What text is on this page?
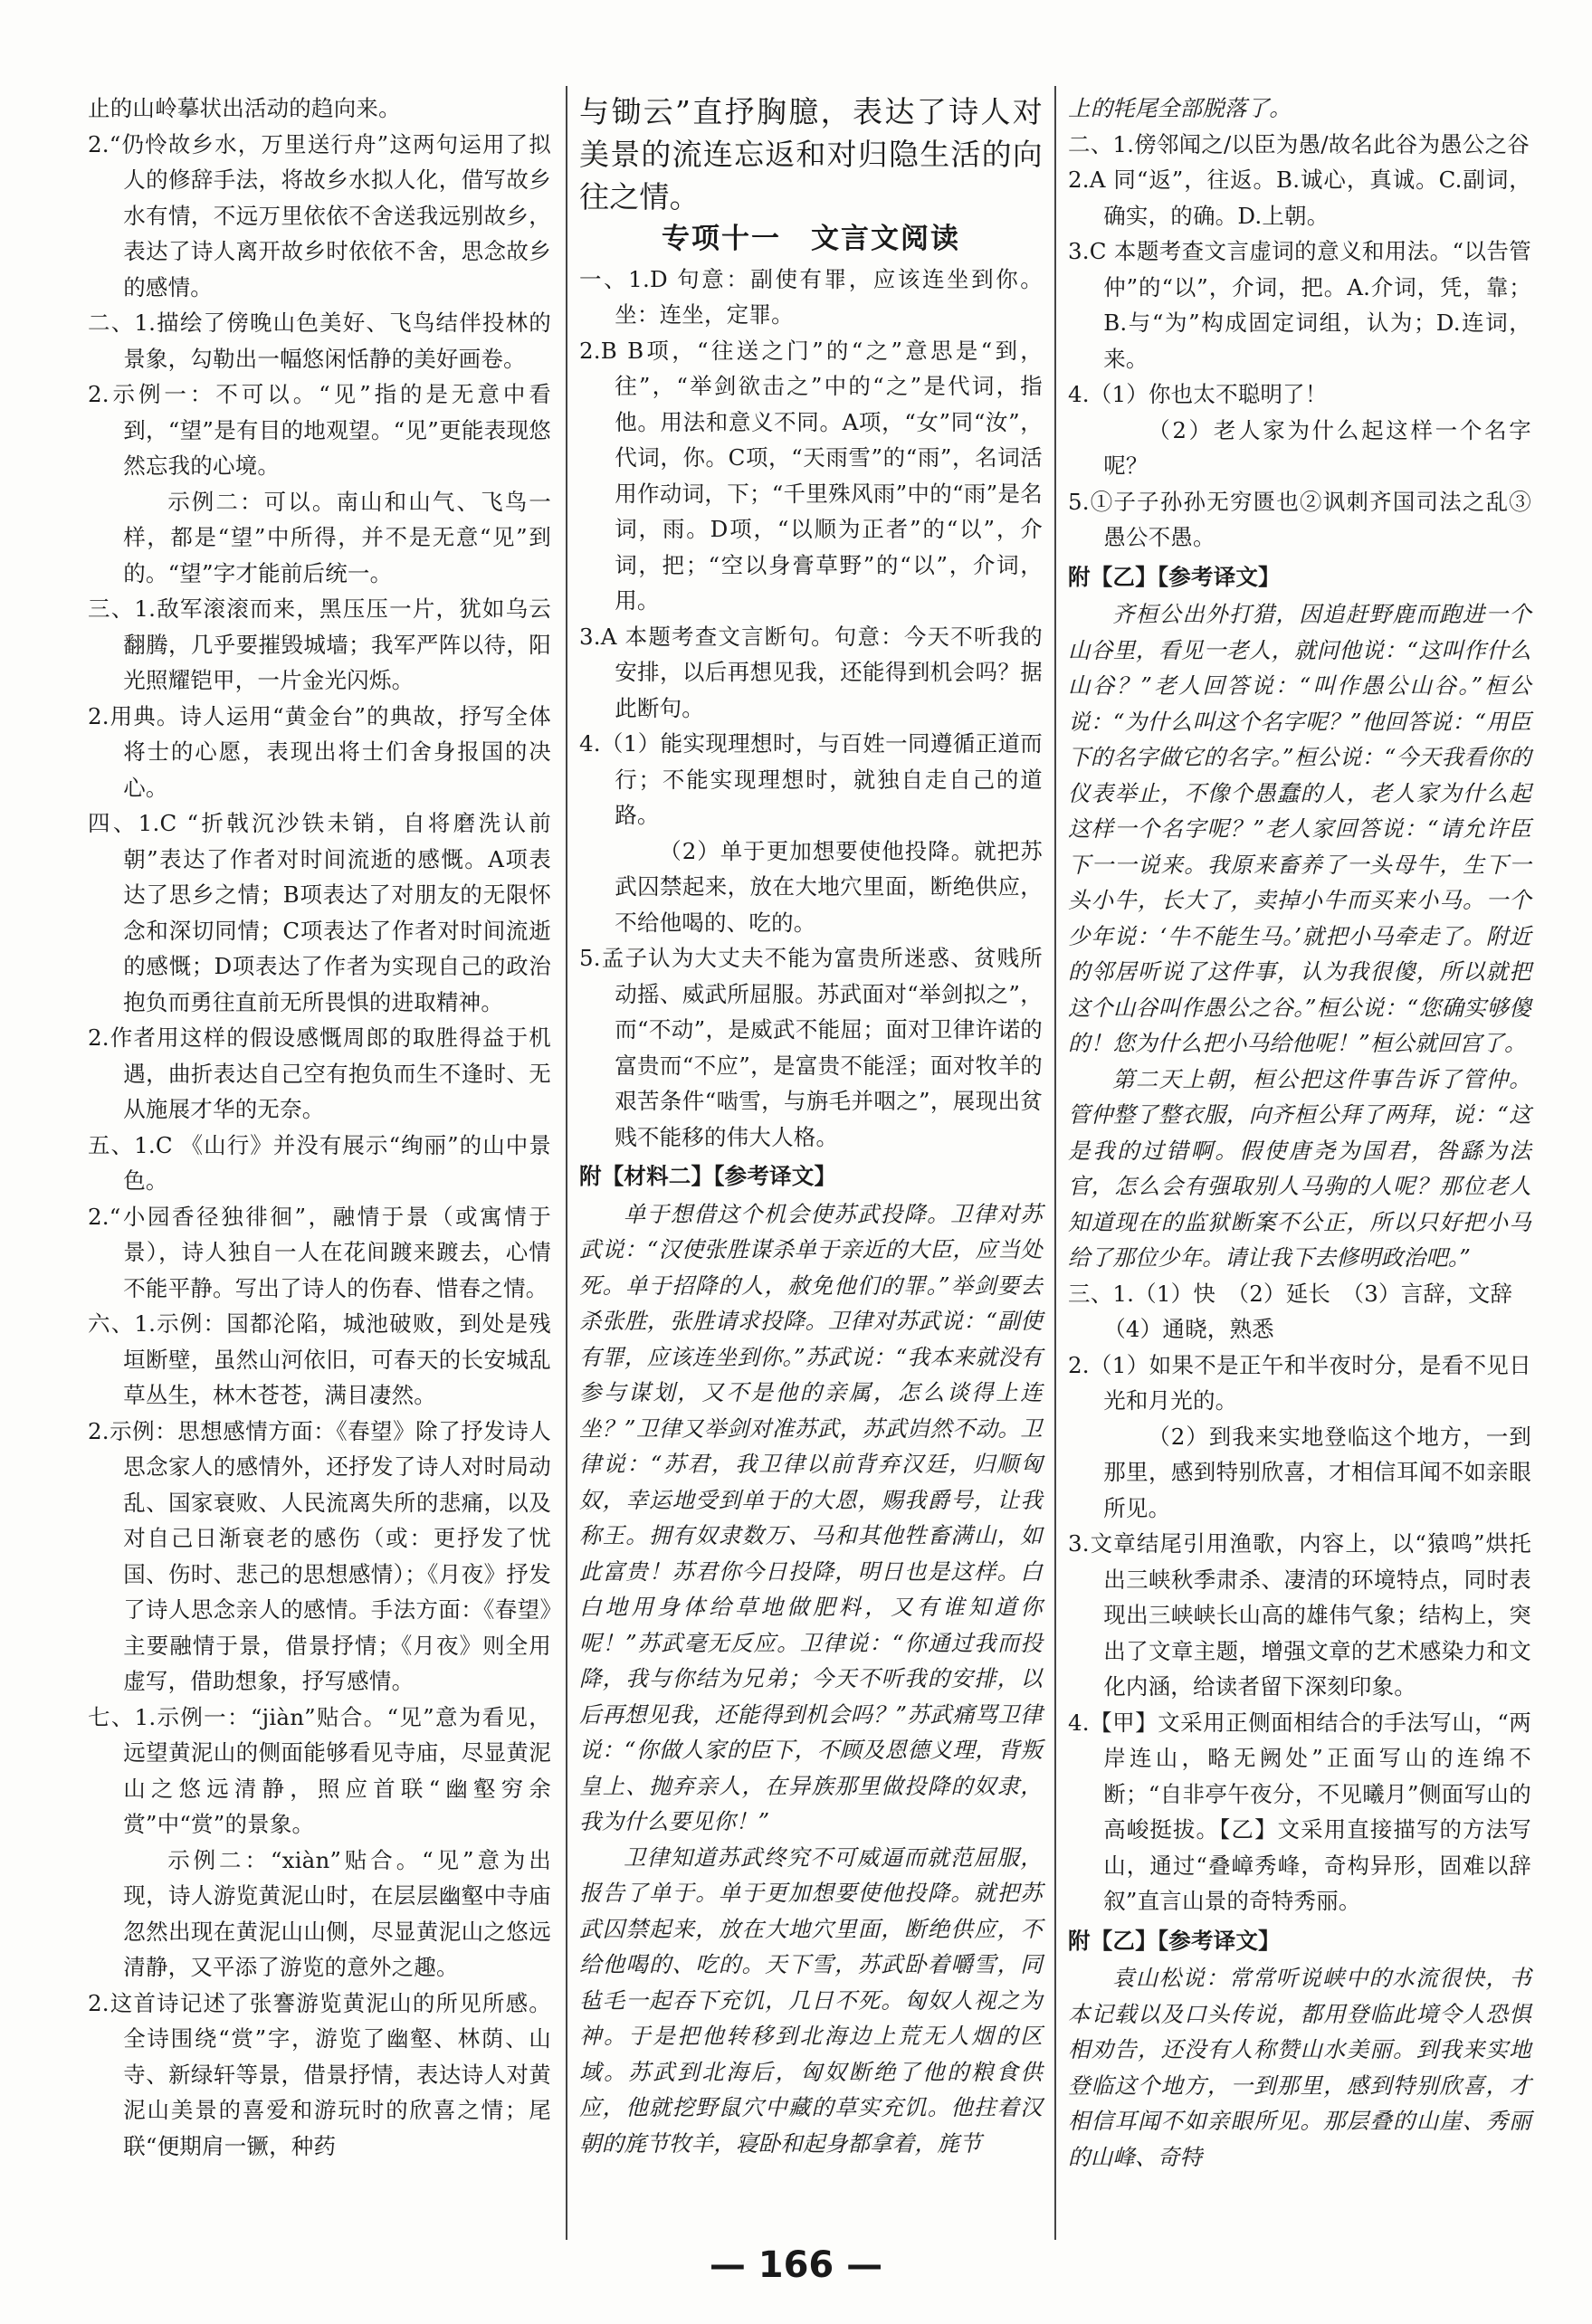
止的山岭摹状出活动的趋向来。

2.“仍怜故乡水，万里送行舟”这两句运用了拟人的修辞手法，将故乡水拟人化，借写故乡水有情，不远万里依依不舍送我远别故乡，表达了诗人离开故乡时依依不舍，思念故乡的感情。

二、1.描绘了傍晚山色美好、飞鸟结伴投林的景象，勾勒出一幅悠闲恬静的美好画卷。

2.示例一：不可以。“见”指的是无意中看到，“望”是有目的地观望。“见”更能表现悠然忘我的心境。

示例二：可以。南山和山气、飞鸟一样，都是“望”中所得，并不是无意“见”到的。“望”字才能前后统一。

三、1.敌军滚滚而来，黑压压一片，犹如乌云翻腾，几乎要摧毁城墙；我军严阵以待，阳光照耀铠甲，一片金光闪烁。

2.用典。诗人运用“黄金台”的典故，抒写全体将士的心愿，表现出将士们舍身报国的决心。

四、1.C “折戟沉沙铁未销，自将磨洗认前朝”表达了作者对时间流逝的感慨。A项表达了思乡之情；B项表达了对朋友的无限怀念和深切同情；C项表达了作者对时间流逝的感慨；D项表达了作者为实现自己的政治抱负而勇往直前无所畏惧的进取精神。

2.作者用这样的假设感慨周郎的取胜得益于机遇，曲折表达自己空有抱负而生不逢时、无从施展才华的无奈。

五、1.C 《山行》并没有展示“绚丽”的山中景色。

2.“小园香径独徘徊”，融情于景（或寓情于景），诗人独自一人在花间踱来踱去，心情不能平静。写出了诗人的伤春、惜春之情。

六、1.示例：国都沦陷，城池破败，到处是残垣断壁，虽然山河依旧，可春天的长安城乱草丛生，林木苍苍，满目凄然。

2.示例：思想感情方面：《春望》除了抒发诗人思念家人的感情外，还抒发了诗人对时局动乱、国家衰败、人民流离失所的悲痛，以及对自己日渐衰老的感伤（或：更抒发了忧国、伤时、悲己的思想感情）；《月夜》抒发了诗人思念亲人的感情。手法方面：《春望》主要融情于景，借景抒情；《月夜》则全用虚写，借助想象，抒写感情。

七、1.示例一：“jiàn”贴合。“见”意为看见，远望黄泥山的侧面能够看见寺庙，尽显黄泥山之悠远清静，照应首联“幽壑穷余赏”中“赏”的景象。

示例二：“xiàn”贴合。“见”意为出现，诗人游览黄泥山时，在层层幽壑中寺庙忽然出现在黄泥山山侧，尽显黄泥山之悠远清静，又平添了游览的意外之趣。

2.这首诗记述了张謇游览黄泥山的所见所感。全诗围绕“赏”字，游览了幽壑、林荫、山寺、新绿轩等景，借景抒情，表达诗人对黄泥山美景的喜爱和游玩时的欣喜之情；尾联“便期肩一镢，种药

与锄云”直抒胸臆，表达了诗人对美景的流连忘返和对归隐生活的向往之情。

专项十一　文言文阅读

一、1.D 句意：副使有罪，应该连坐到你。坐：连坐，定罪。

2.B B项，“往送之门”的“之”意思是“到，往”，“举剑欲击之”中的“之”是代词，指他。用法和意义不同。A项，“女”同“汝”，代词，你。C项，“天雨雪”的“雨”，名词活用作动词，下；“千里殊风雨”中的“雨”是名词，雨。D项，“以顺为正者”的“以”，介词，把；“空以身膏草野”的“以”，介词，用。

3.A 本题考查文言断句。句意：今天不听我的安排，以后再想见我，还能得到机会吗？据此断句。

4.（1）能实现理想时，与百姓一同遵循正道而行；不能实现理想时，就独自走自己的道路。

（2）单于更加想要使他投降。就把苏武囚禁起来，放在大地穴里面，断绝供应，不给他喝的、吃的。

5.孟子认为大丈夫不能为富贵所迷惑、贫贱所动摇、威武所屈服。苏武面对“举剑拟之”，而“不动”，是威武不能屈；面对卫律许诺的富贵而“不应”，是富贵不能淫；面对牧羊的艰苦条件“啮雪，与旃毛并咽之”，展现出贫贱不能移的伟大人格。

附【材料二】【参考译文】

单于想借这个机会使苏武投降。卫律对苏武说：“汉使张胜谋杀单于亲近的大臣，应当处死。单于招降的人，赦免他们的罪。”举剑要去杀张胜，张胜请求投降。卫律对苏武说：“副使有罪，应该连坐到你。”苏武说：“我本来就没有参与谋划，又不是他的亲属，怎么谈得上连坐？”卫律又举剑对准苏武，苏武岿然不动。卫律说：“苏君，我卫律以前背弃汉廷，归顺匈奴，幸运地受到单于的大恩，赐我爵号，让我称王。拥有奴隶数万、马和其他牲畜满山，如此富贵！苏君你今日投降，明日也是这样。白白地用身体给草地做肥料，又有谁知道你呢！”苏武毫无反应。卫律说：“你通过我而投降，我与你结为兄弟；今天不听我的安排，以后再想见我，还能得到机会吗？”苏武痛骂卫律说：“你做人家的臣下，不顾及恩德义理，背叛皇上、抛弃亲人，在异族那里做投降的奴隶，我为什么要见你！”

卫律知道苏武终究不可威逼而就范屈服，报告了单于。单于更加想要使他投降。就把苏武囚禁起来，放在大地穴里面，断绝供应，不给他喝的、吃的。天下雪，苏武卧着嚼雪，同毡毛一起吞下充饥，几日不死。匈奴人视之为神。于是把他转移到北海边上荒无人烟的区域。苏武到北海后，匈奴断绝了他的粮食供应，他就挖野鼠穴中藏的草实充饥。他拄着汉朝的旄节牧羊，寝卧和起身都拿着，旄节

上的牦尾全部脱落了。

二、1.傍邻闻之/以臣为愚/故名此谷为愚公之谷

2.A 同“返”，往返。B.诚心，真诚。C.副词，确实，的确。D.上朝。

3.C 本题考查文言虚词的意义和用法。“以告管仲”的“以”，介词，把。A.介词，凭，靠；B.与“为”构成固定词组，认为；D.连词，来。

4.（1）你也太不聪明了！

（2）老人家为什么起这样一个名字呢？

5.①子子孙孙无穷匮也②讽刺齐国司法之乱③愚公不愚。

附【乙】【参考译文】

齐桓公出外打猎，因追赶野鹿而跑进一个山谷里，看见一老人，就问他说：“这叫作什么山谷？”老人回答说：“叫作愚公山谷。”桓公说：“为什么叫这个名字呢？”他回答说：“用臣下的名字做它的名字。”桓公说：“今天我看你的仪表举止，不像个愚蠢的人，老人家为什么起这样一个名字呢？”老人家回答说：“请允许臣下一一说来。我原来畜养了一头母牛，生下一头小牛，长大了，卖掉小牛而买来小马。一个少年说：‘牛不能生马。’就把小马牵走了。附近的邻居听说了这件事，认为我很傻，所以就把这个山谷叫作愚公之谷。”桓公说：“您确实够傻的！您为什么把小马给他呢！”桓公就回宫了。

第二天上朝，桓公把这件事告诉了管仲。管仲整了整衣服，向齐桓公拜了两拜，说：“这是我的过错啊。假使唐尧为国君，咎繇为法官，怎么会有强取别人马驹的人呢？那位老人知道现在的监狱断案不公正，所以只好把小马给了那位少年。请让我下去修明政治吧。”

三、1.（1）快　（2）延长　（3）言辞，文辞

（4）通晓，熟悉

2.（1）如果不是正午和半夜时分，是看不见日光和月光的。

（2）到我来实地登临这个地方，一到那里，感到特别欣喜，才相信耳闻不如亲眼所见。

3.文章结尾引用渔歌，内容上，以“猿鸣”烘托出三峡秋季肃杀、凄清的环境特点，同时表现出三峡峡长山高的雄伟气象；结构上，突出了文章主题，增强文章的艺术感染力和文化内涵，给读者留下深刻印象。

4.【甲】文采用正侧面相结合的手法写山，“两岸连山，略无阙处”正面写山的连绵不断；“自非亭午夜分，不见曦月”侧面写山的高峻挺拔。【乙】文采用直接描写的方法写山，通过“叠嶂秀峰，奇构异形，固难以辞叙”直言山景的奇特秀丽。

附【乙】【参考译文】

袁山松说：常常听说峡中的水流很快，书本记载以及口头传说，都用登临此境令人恐惧相劝告，还没有人称赞山水美丽。到我来实地登临这个地方，一到那里，感到特别欣喜，才相信耳闻不如亲眼所见。那层叠的山崖、秀丽的山峰、奇特

— 166 —
